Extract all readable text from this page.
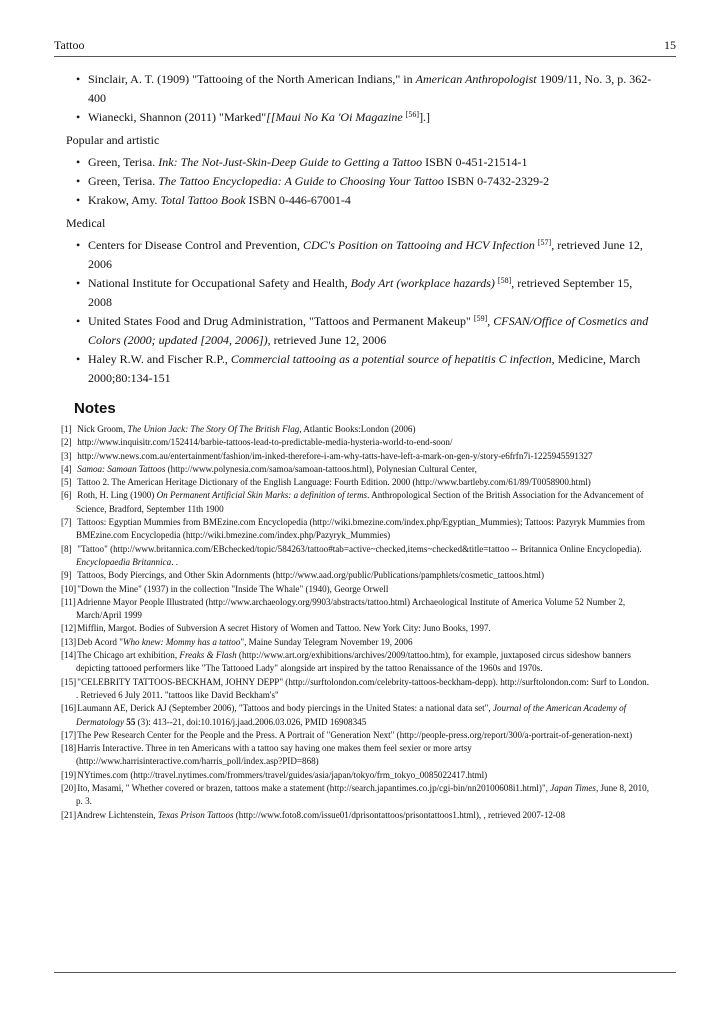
Tattoo	15
• Sinclair, A. T. (1909) "Tattooing of the North American Indians," in American Anthropologist 1909/11, No. 3, p. 362-400
• Wianecki, Shannon (2011) "Marked"[[Maui No Ka 'Oi Magazine [56]].]
Popular and artistic
• Green, Terisa. Ink: The Not-Just-Skin-Deep Guide to Getting a Tattoo ISBN 0-451-21514-1
• Green, Terisa. The Tattoo Encyclopedia: A Guide to Choosing Your Tattoo ISBN 0-7432-2329-2
• Krakow, Amy. Total Tattoo Book ISBN 0-446-67001-4
Medical
• Centers for Disease Control and Prevention, CDC's Position on Tattooing and HCV Infection [57], retrieved June 12, 2006
• National Institute for Occupational Safety and Health, Body Art (workplace hazards) [58], retrieved September 15, 2008
• United States Food and Drug Administration, "Tattoos and Permanent Makeup" [59], CFSAN/Office of Cosmetics and Colors (2000; updated [2004, 2006]), retrieved June 12, 2006
• Haley R.W. and Fischer R.P., Commercial tattooing as a potential source of hepatitis C infection, Medicine, March 2000;80:134-151
Notes
[1] Nick Groom, The Union Jack: The Story Of The British Flag, Atlantic Books:London (2006)
[2] http://www.inquisitr.com/152414/barbie-tattoos-lead-to-predictable-media-hysteria-world-to-end-soon/
[3] http://www.news.com.au/entertainment/fashion/im-inked-therefore-i-am-why-tatts-have-left-a-mark-on-gen-y/story-e6frfn7i-1225945591327
[4] Samoa: Samoan Tattoos (http://www.polynesia.com/samoa/samoan-tattoos.html), Polynesian Cultural Center,
[5] Tattoo 2. The American Heritage Dictionary of the English Language: Fourth Edition. 2000 (http://www.bartleby.com/61/89/T0058900.html)
[6] Roth, H. Ling (1900) On Permanent Artificial Skin Marks: a definition of terms. Anthropological Section of the British Association for the Advancement of Science, Bradford, September 11th 1900
[7] Tattoos: Egyptian Mummies from BMEzine.com Encyclopedia (http://wiki.bmezine.com/index.php/Egyptian_Mummies); Tattoos: Pazyryk Mummies from BMEzine.com Encyclopedia (http://wiki.bmezine.com/index.php/Pazyryk_Mummies)
[8] "Tattoo" (http://www.britannica.com/EBchecked/topic/584263/tattoo#tab=active~checked,items~checked&title=tattoo -- Britannica Online Encyclopedia). Encyclopaedia Britannica. .
[9] Tattoos, Body Piercings, and Other Skin Adornments (http://www.aad.org/public/Publications/pamphlets/cosmetic_tattoos.html)
[10] "Down the Mine" (1937) in the collection "Inside The Whale" (1940), George Orwell
[11] Adrienne Mayor People Illustrated (http://www.archaeology.org/9903/abstracts/tattoo.html) Archaeological Institute of America Volume 52 Number 2, March/April 1999
[12] Mifflin, Margot. Bodies of Subversion A secret History of Women and Tattoo. New York City: Juno Books, 1997.
[13] Deb Acord "Who knew: Mommy has a tattoo", Maine Sunday Telegram November 19, 2006
[14] The Chicago art exhibition, Freaks & Flash (http://www.art.org/exhibitions/archives/2009/tattoo.htm), for example, juxtaposed circus sideshow banners depicting tattooed performers like "The Tattooed Lady" alongside art inspired by the tattoo Renaissance of the 1960s and 1970s.
[15] "CELEBRITY TATTOOS-BECKHAM, JOHNY DEPP" (http://surftolondon.com/celebrity-tattoos-beckham-depp). http://surftolondon.com: Surf to London. . Retrieved 6 July 2011. "tattoos like David Beckham's"
[16] Laumann AE, Derick AJ (September 2006), "Tattoos and body piercings in the United States: a national data set", Journal of the American Academy of Dermatology 55 (3): 413--21, doi:10.1016/j.jaad.2006.03.026, PMID 16908345
[17] The Pew Research Center for the People and the Press. A Portrait of "Generation Next" (http://people-press.org/report/300/a-portrait-of-generation-next)
[18] Harris Interactive. Three in ten Americans with a tattoo say having one makes them feel sexier or more artsy (http://www.harrisinteractive.com/harris_poll/index.asp?PID=868)
[19] NYtimes.com (http://travel.nytimes.com/frommers/travel/guides/asia/japan/tokyo/frm_tokyo_0085022417.html)
[20] Ito, Masami, " Whether covered or brazen, tattoos make a statement (http://search.japantimes.co.jp/cgi-bin/nn20100608i1.html)", Japan Times, June 8, 2010, p. 3.
[21] Andrew Lichtenstein, Texas Prison Tattoos (http://www.foto8.com/issue01/dprisontattoos/prisontattoos1.html), , retrieved 2007-12-08
